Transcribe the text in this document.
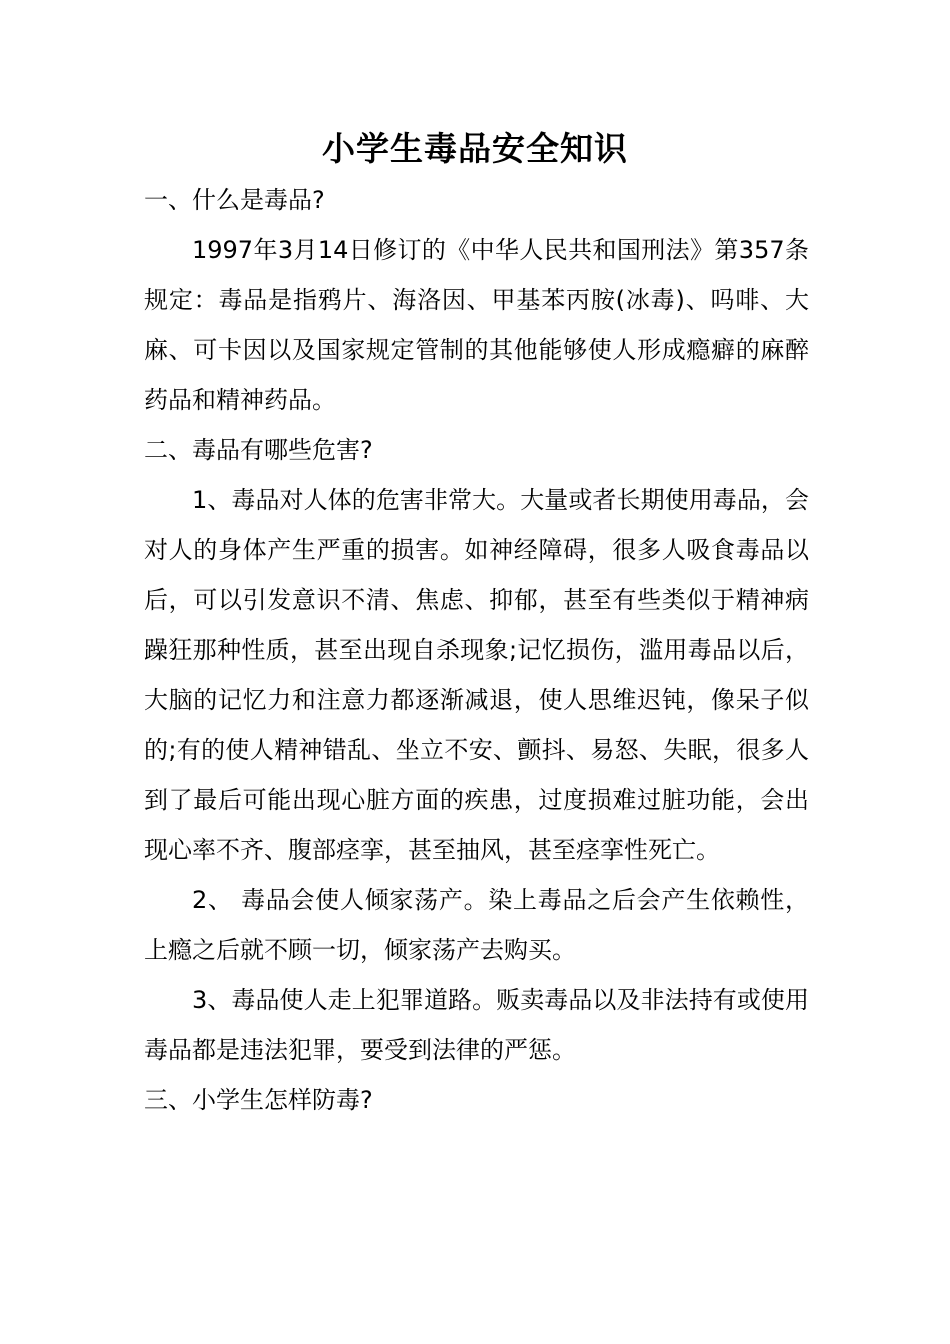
小学生毒品安全知识

一、什么是毒品?

1997年3月14日修订的《中华人民共和国刑法》第357条规定：毒品是指鸦片、海洛因、甲基苯丙胺(冰毒)、吗啡、大麻、可卡因以及国家规定管制的其他能够使人形成瘾癖的麻醉药品和精神药品。

二、毒品有哪些危害?

1、毒品对人体的危害非常大。大量或者长期使用毒品，会对人的身体产生严重的损害。如神经障碍，很多人吸食毒品以后，可以引发意识不清、焦虑、抑郁，甚至有些类似于精神病躁狂那种性质，甚至出现自杀现象;记忆损伤，滥用毒品以后，大脑的记忆力和注意力都逐渐减退，使人思维迟钝，像呆子似的;有的使人精神错乱、坐立不安、颤抖、易怒、失眠，很多人到了最后可能出现心脏方面的疾患，过度损难过脏功能，会出现心率不齐、腹部痉挛，甚至抽风，甚至痉挛性死亡。

2、 毒品会使人倾家荡产。染上毒品之后会产生依赖性，上瘾之后就不顾一切，倾家荡产去购买。

3、毒品使人走上犯罪道路。贩卖毒品以及非法持有或使用毒品都是违法犯罪，要受到法律的严惩。

三、小学生怎样防毒?
